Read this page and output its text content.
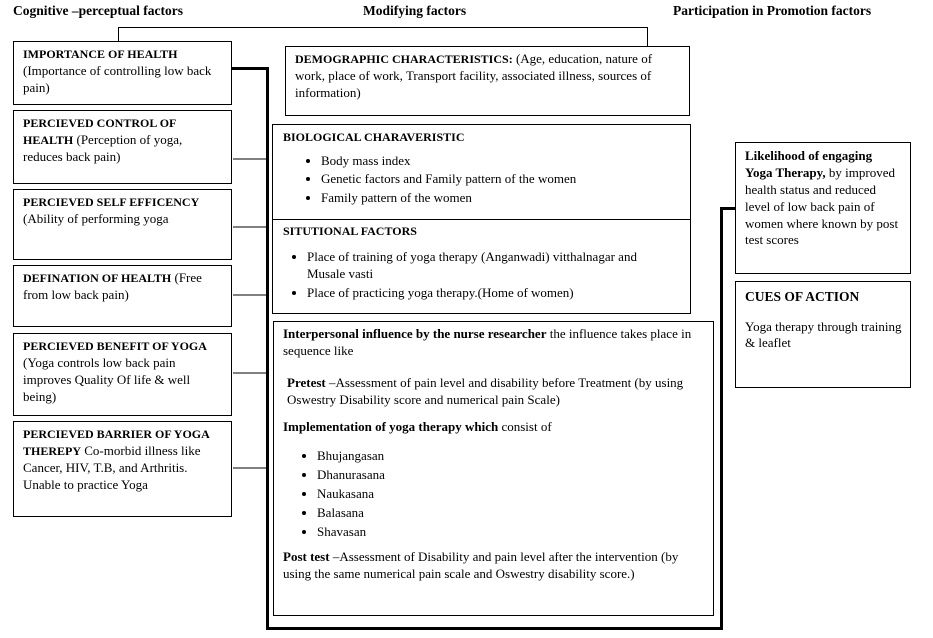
Cognitive –perceptual factors	Modifying factors	Participation in Promotion factors
IMPORTANCE OF HEALTH (Importance of controlling low back pain)
PERCIEVED CONTROL OF HEALTH (Perception of yoga, reduces back pain)
PERCIEVED SELF EFFICENCY (Ability of performing yoga
DEFINATION OF HEALTH (Free from low back pain)
PERCIEVED BENEFIT OF YOGA (Yoga controls low back pain improves Quality Of life & well being)
PERCIEVED BARRIER OF YOGA THEREPY Co-morbid illness like Cancer, HIV, T.B, and Arthritis. Unable to practice Yoga
DEMOGRAPHIC CHARACTERISTICS: (Age, education, nature of work, place of work, Transport facility, associated illness, sources of information)
BIOLOGICAL CHARAVERISTIC
• Body mass index
• Genetic factors and Family pattern of the women
• Family pattern of the women
SITUTIONAL FACTORS
• Place of training of yoga therapy (Anganwadi) vitthalnagar and Musale vasti
• Place of practicing yoga therapy.(Home of women)

Interpersonal influence by the nurse researcher the influence takes place in sequence like

Pretest –Assessment of pain level and disability before Treatment (by using Oswestry Disability score and numerical pain Scale)

Implementation of yoga therapy which consist of

• Bhujangasan
• Dhanurasana
• Naukasana
• Balasana
• Shavasan

Post test –Assessment of Disability and pain level after the intervention (by using the same numerical pain scale and Oswestry disability score.)

Likelihood of engaging Yoga Therapy, by improved health status and reduced level of low back pain of women where known by post test scores
CUES OF ACTION
Yoga therapy through training & leaflet
